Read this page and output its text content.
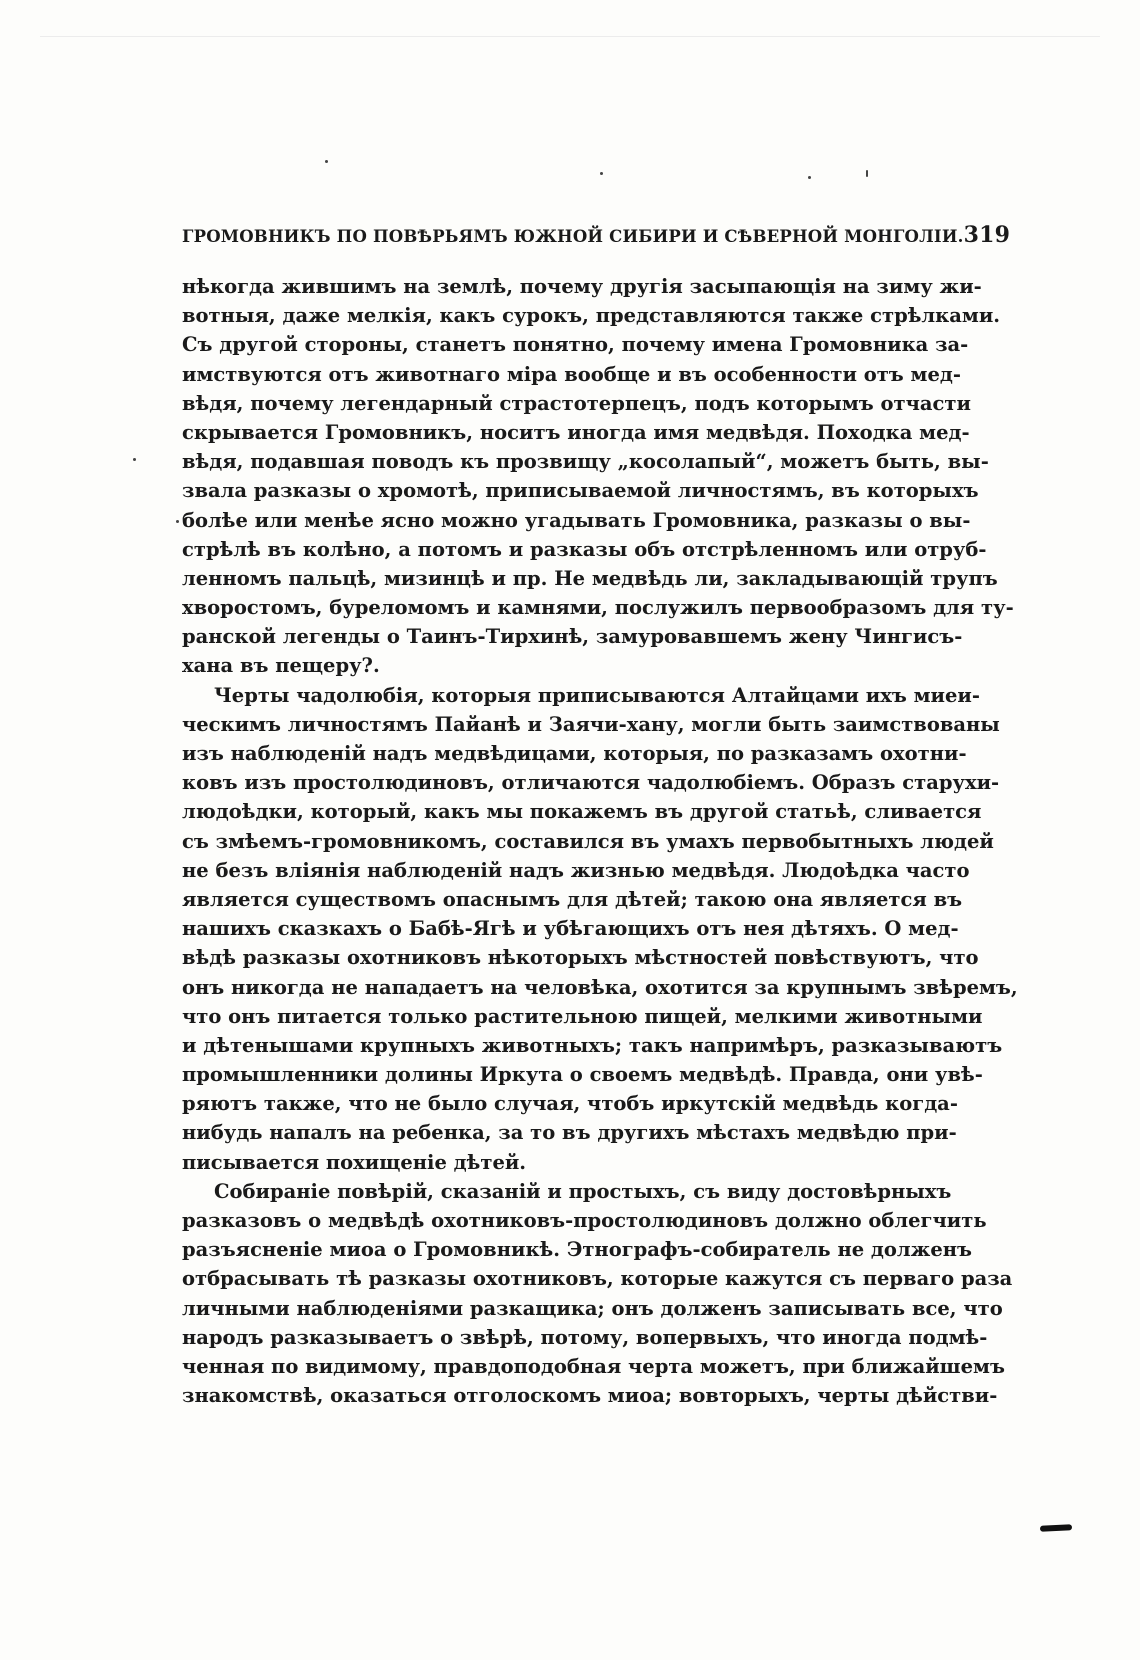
ГРОМОВНИКЪ ПО ПОВѢРЬЯМЪ ЮЖНОЙ СИБИРИ И СѢВЕРНОЙ МОНГОЛІИ. 319
нѣкогда жившимъ на землѣ, почему другія засыпающія на зиму жи-
вотныя, даже мелкія, какъ сурокъ, представляются также стрѣлками.
Съ другой стороны, станетъ понятно, почему имена Громовника за-
имствуются отъ животнаго міра вообще и въ особенности отъ мед-
вѣдя, почему легендарный страстотерпецъ, подъ которымъ отчасти
скрывается Громовникъ, носитъ иногда имя медвѣдя. Походка мед-
вѣдя, подавшая поводъ къ прозвищу „косолапый“, можетъ быть, вы-
звала разказы о хромотѣ, приписываемой личностямъ, въ которыхъ
болѣе или менѣе ясно можно угадывать Громовника, разказы о вы-
стрѣлѣ въ колѣно, а потомъ и разказы объ отстрѣленномъ или отруб-
ленномъ пальцѣ, мизинцѣ и пр. Не медвѣдь ли, закладывающій трупъ
хворостомъ, буреломомъ и камнями, послужилъ первообразомъ для ту-
ранской легенды о Таинъ-Тирхинѣ, замуровавшемъ жену Чингисъ-
хана въ пещеру?.
Черты чадолюбія, которыя приписываются Алтайцами ихъ миеи-
ческимъ личностямъ Пайанѣ и Заячи-хану, могли быть заимствованы
изъ наблюденій надъ медвѣдицами, которыя, по разказамъ охотни-
ковъ изъ простолюдиновъ, отличаются чадолюбіемъ. Образъ старухи-
людоѣдки, который, какъ мы покажемъ въ другой статьѣ, сливается
съ змѣемъ-громовникомъ, составился въ умахъ первобытныхъ людей
не безъ вліянія наблюденій надъ жизнью медвѣдя. Людоѣдка часто
является существомъ опаснымъ для дѣтей; такою она является въ
нашихъ сказкахъ о Бабѣ-Ягѣ и убѣгающихъ отъ нея дѣтяхъ. О мед-
вѣдѣ разказы охотниковъ нѣкоторыхъ мѣстностей повѣствуютъ, что
онъ никогда не нападаетъ на человѣка, охотится за крупнымъ звѣремъ,
что онъ питается только растительною пищей, мелкими животными
и дѣтенышами крупныхъ животныхъ; такъ напримѣръ, разказываютъ
промышленники долины Иркута о своемъ медвѣдѣ. Правда, они увѣ-
ряютъ также, что не было случая, чтобъ иркутскій медвѣдь когда-
нибудь напалъ на ребенка, за то въ другихъ мѣстахъ медвѣдю при-
писывается похищеніе дѣтей.
Собираніе повѣрій, сказаній и простыхъ, съ виду достовѣрныхъ
разказовъ о медвѣдѣ охотниковъ-простолюдиновъ должно облегчить
разъясненіе миоа о Громовникѣ. Этнографъ-собиратель не долженъ
отбрасывать тѣ разказы охотниковъ, которые кажутся съ перваго раза
личными наблюденіями разкащика; онъ долженъ записывать все, что
народъ разказываетъ о звѣрѣ, потому, вопервыхъ, что иногда подмѣ-
ченная по видимому, правдоподобная черта можетъ, при ближайшемъ
знакомствѣ, оказаться отголоскомъ миоа; вовторыхъ, черты дѣйстви-
